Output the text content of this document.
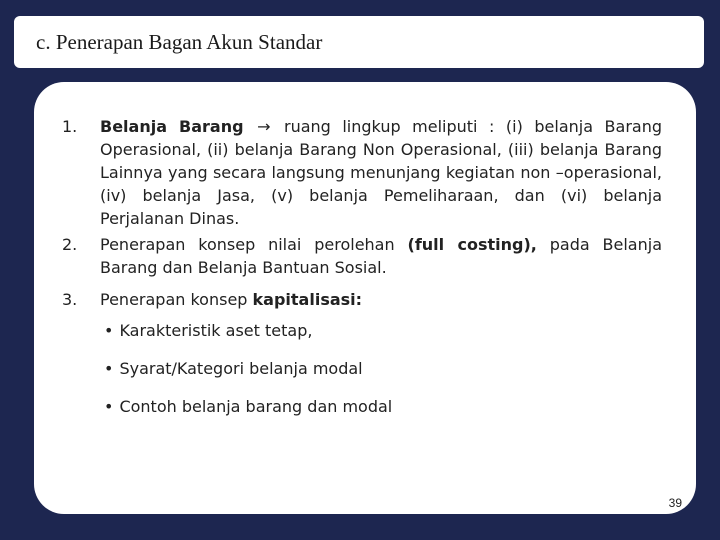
c. Penerapan Bagan Akun Standar
1. Belanja Barang → ruang lingkup meliputi : (i) belanja Barang Operasional, (ii) belanja Barang Non Operasional, (iii) belanja Barang Lainnya yang secara langsung menunjang kegiatan non –operasional, (iv) belanja Jasa, (v) belanja Pemeliharaan, dan (vi) belanja Perjalanan Dinas.
2. Penerapan konsep nilai perolehan (full costing), pada Belanja Barang dan Belanja Bantuan Sosial.
3. Penerapan konsep kapitalisasi:
• Karakteristik aset tetap,
• Syarat/Kategori belanja modal
• Contoh belanja barang dan modal
39
